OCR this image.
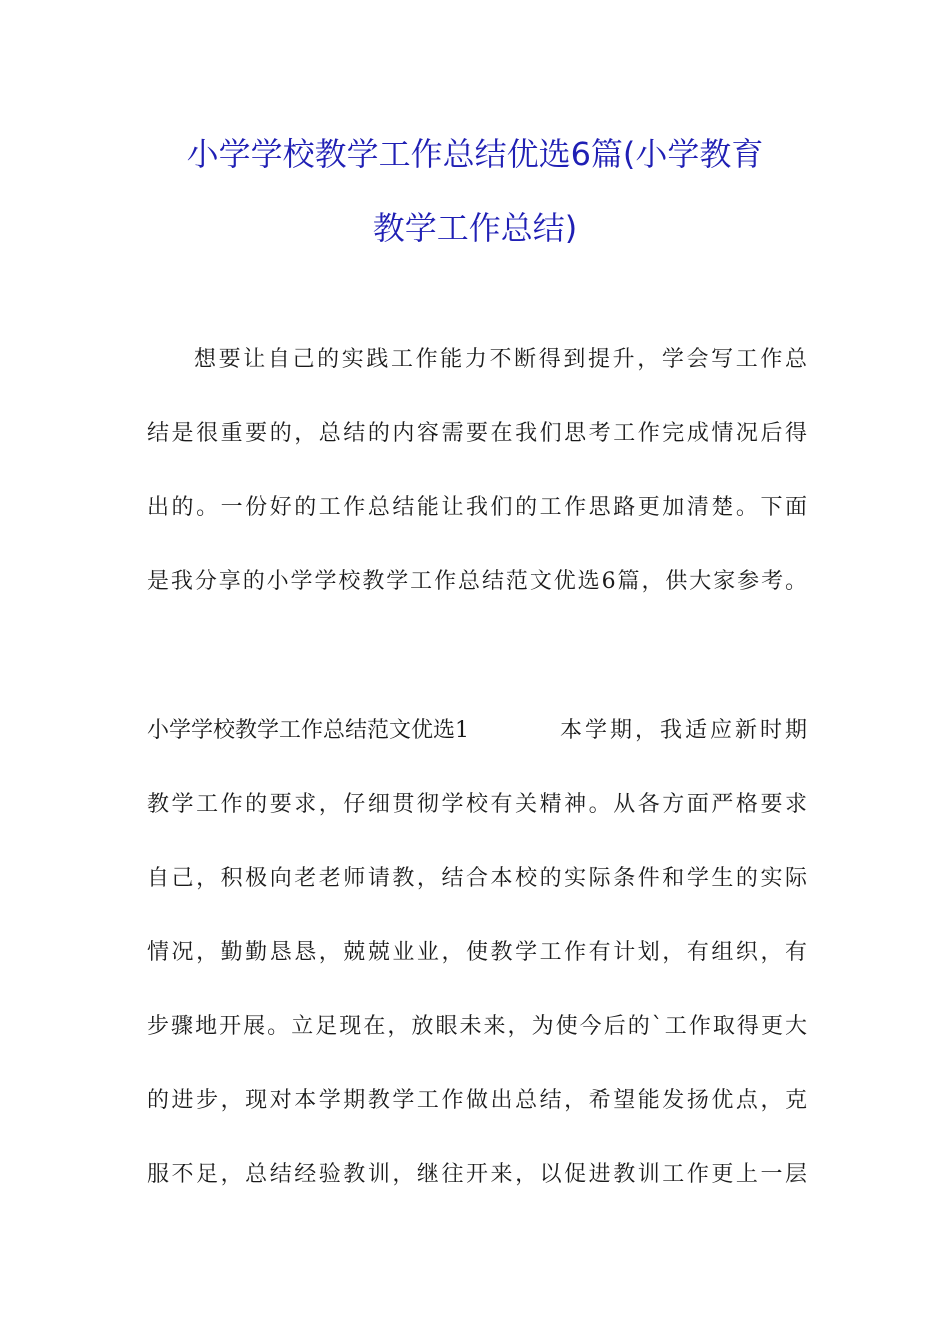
小学学校教学工作总结优选6篇(小学教育
教学工作总结)
想要让自己的实践工作能力不断得到提升，学会写工作总
结是很重要的，总结的内容需要在我们思考工作完成情况后得
出的。一份好的工作总结能让我们的工作思路更加清楚。下面
是我分享的小学学校教学工作总结范文优选6篇，供大家参考。
小学学校教学工作总结范文优选1	本学期，我适应新时期
教学工作的要求，仔细贯彻学校有关精神。从各方面严格要求
自己，积极向老老师请教，结合本校的实际条件和学生的实际
情况，勤勤恳恳，兢兢业业，使教学工作有计划，有组织，有
步骤地开展。立足现在，放眼未来，为使今后的`工作取得更大
的进步，现对本学期教学工作做出总结，希望能发扬优点，克
服不足，总结经验教训，继往开来，以促进教训工作更上一层
